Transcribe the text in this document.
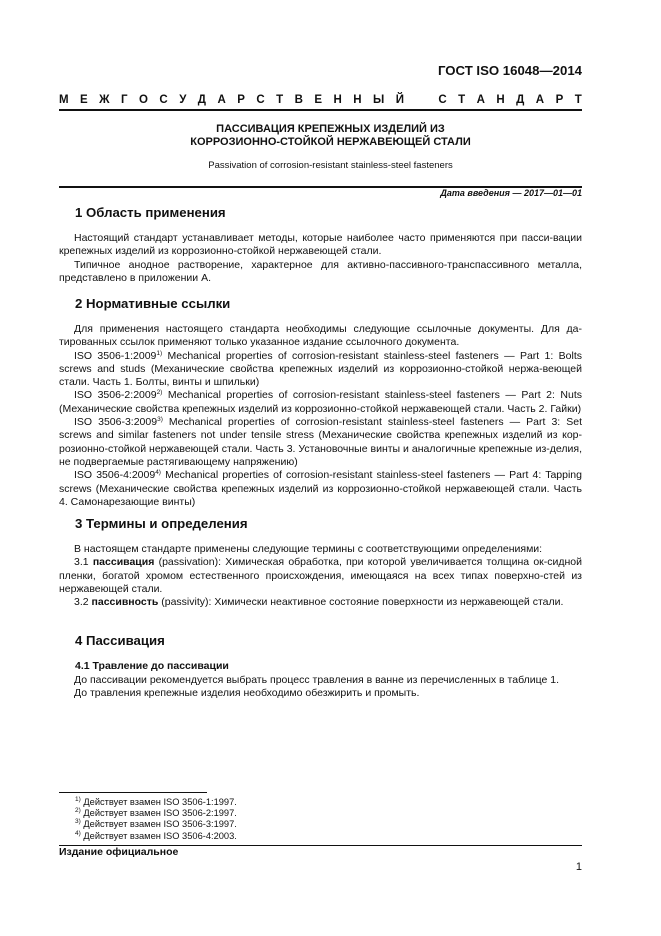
ГОСТ ISO 16048—2014
М Е Ж Г О С У Д А Р С Т В Е Н Н Ы Й	С Т А Н Д А Р Т
ПАССИВАЦИЯ КРЕПЕЖНЫХ ИЗДЕЛИЙ ИЗ
КОРРОЗИОННО-СТОЙКОЙ НЕРЖАВЕЮЩЕЙ СТАЛИ
Passivation of corrosion-resistant stainless-steel fasteners
Дата введения — 2017—01—01
1 Область применения

Настоящий стандарт устанавливает методы, которые наиболее часто применяются при пасси-вации крепежных изделий из коррозионно-стойкой нержавеющей стали.
Типичное анодное растворение, характерное для активно-пассивного-транспассивного металла, представлено в приложении А.

2 Нормативные ссылки

Для применения настоящего стандарта необходимы следующие ссылочные документы. Для да-тированных ссылок применяют только указанное издание ссылочного документа.
ISO 3506-1:2009$^{1)}$ Mechanical properties of corrosion-resistant stainless-steel fasteners — Part 1: Bolts screws and studs (Механические свойства крепежных изделий из коррозионно-стойкой нержа-веющей стали. Часть 1. Болты, винты и шпильки)
ISO 3506-2:2009$^{2)}$ Mechanical properties of corrosion-resistant stainless-steel fasteners — Part 2: Nuts (Механические свойства крепежных изделий из коррозионно-стойкой нержавеющей стали. Часть 2. Гайки)
ISO 3506-3:2009$^{3)}$ Mechanical properties of corrosion-resistant stainless-steel fasteners — Part 3: Set screws and similar fasteners not under tensile stress (Механические свойства крепежных изделий из кор-розионно-стойкой нержавеющей стали. Часть 3. Установочные винты и аналогичные крепежные из-делия, не подвергаемые растягивающему напряжению)
ISO 3506-4:2009$^{4)}$ Mechanical properties of corrosion-resistant stainless-steel fasteners — Part 4: Tapping screws (Механические свойства крепежных изделий из коррозионно-стойкой нержавеющей стали. Часть 4. Самонарезающие винты)

3 Термины и определения

В настоящем стандарте применены следующие термины с соответствующими определениями:
3.1 пассивация (passivation): Химическая обработка, при которой увеличивается толщина ок-сидной пленки, богатой хромом естественного происхождения, имеющаяся на всех типах поверхно-стей из нержавеющей стали.
3.2 пассивность (passivity): Химически неактивное состояние поверхности из нержавеющей стали.

4 Пассивация
4.1 Травление до пассивации

До пассивации рекомендуется выбрать процесс травления в ванне из перечисленных в таблице 1.
До травления крепежные изделия необходимо обезжирить и промыть.

$^{1)}$ Действует взамен ISO 3506-1:1997.
$^{2)}$ Действует взамен ISO 3506-2:1997.
$^{3)}$ Действует взамен ISO 3506-3:1997.
$^{4)}$ Действует взамен ISO 3506-4:2003.
Издание официальное
1
